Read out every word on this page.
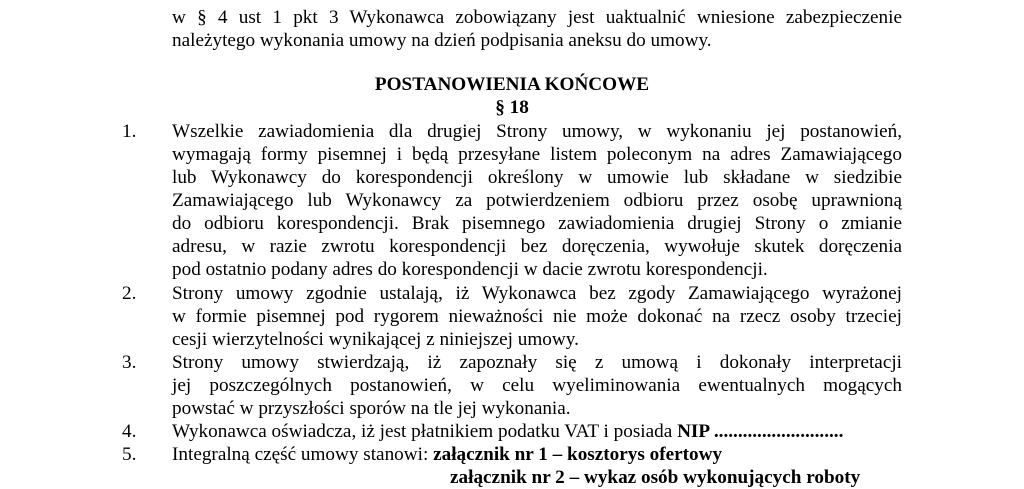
w § 4 ust 1 pkt 3 Wykonawca zobowiązany jest uaktualnić wniesione zabezpieczenie
należytego wykonania umowy na dzień podpisania aneksu do umowy.
POSTANOWIENIA KOŃCOWE
§ 18
1. Wszelkie zawiadomienia dla drugiej Strony umowy, w wykonaniu jej postanowień,
wymagają formy pisemnej i będą przesyłane listem poleconym na adres Zamawiającego
lub Wykonawcy do korespondencji określony w umowie lub składane w siedzibie
Zamawiającego lub Wykonawcy za potwierdzeniem odbioru przez osobę uprawnioną
do odbioru korespondencji. Brak pisemnego zawiadomienia drugiej Strony o zmianie
adresu, w razie zwrotu korespondencji bez doręczenia, wywołuje skutek doręczenia
pod ostatnio podany adres do korespondencji w dacie zwrotu korespondencji.
2. Strony umowy zgodnie ustalają, iż Wykonawca bez zgody Zamawiającego wyrażonej
w formie pisemnej pod rygorem nieważności nie może dokonać na rzecz osoby trzeciej
cesji wierzytelności wynikającej z niniejszej umowy.
3. Strony umowy stwierdzają, iż zapoznały się z umową i dokonały interpretacji
jej poszczególnych postanowień, w celu wyeliminowania ewentualnych mogących
powstać w przyszłości sporów na tle jej wykonania.
4. Wykonawca oświadcza, iż jest płatnikiem podatku VAT i posiada NIP ...........................
5. Integralną część umowy stanowi: załącznik nr 1 – kosztorys ofertowy
załącznik nr 2 – wykaz osób wykonujących roboty
